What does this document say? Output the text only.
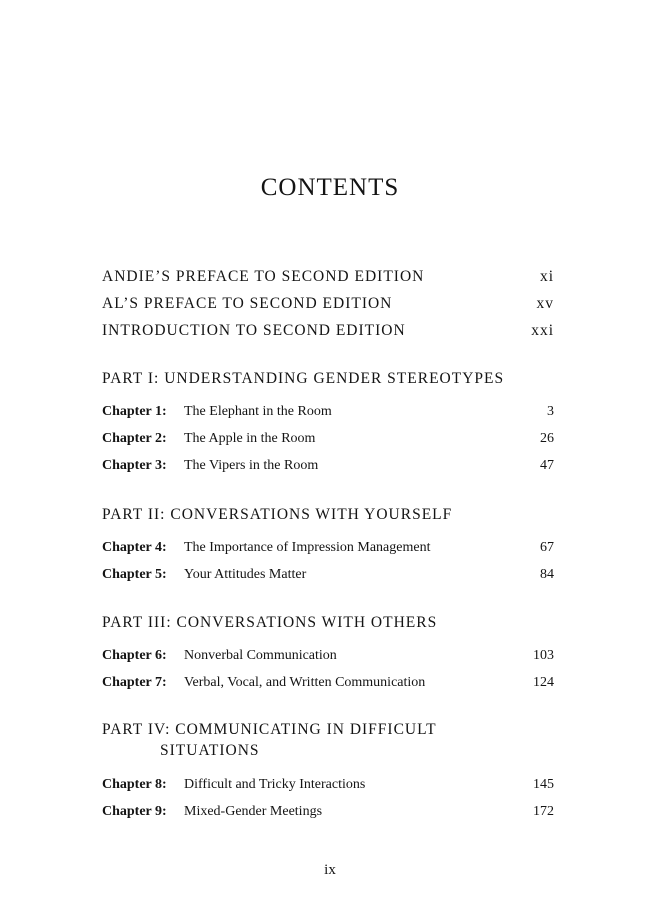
CONTENTS
ANDIE’S PREFACE TO SECOND EDITION	xi
AL’S PREFACE TO SECOND EDITION	xv
INTRODUCTION TO SECOND EDITION	xxi
PART I: UNDERSTANDING GENDER STEREOTYPES
Chapter 1:	The Elephant in the Room	3
Chapter 2:	The Apple in the Room	26
Chapter 3:	The Vipers in the Room	47
PART II: CONVERSATIONS WITH YOURSELF
Chapter 4:	The Importance of Impression Management	67
Chapter 5:	Your Attitudes Matter	84
PART III: CONVERSATIONS WITH OTHERS
Chapter 6:	Nonverbal Communication	103
Chapter 7:	Verbal, Vocal, and Written Communication	124
PART IV: COMMUNICATING IN DIFFICULT
SITUATIONS
Chapter 8:	Difficult and Tricky Interactions	145
Chapter 9:	Mixed-Gender Meetings	172
ix
